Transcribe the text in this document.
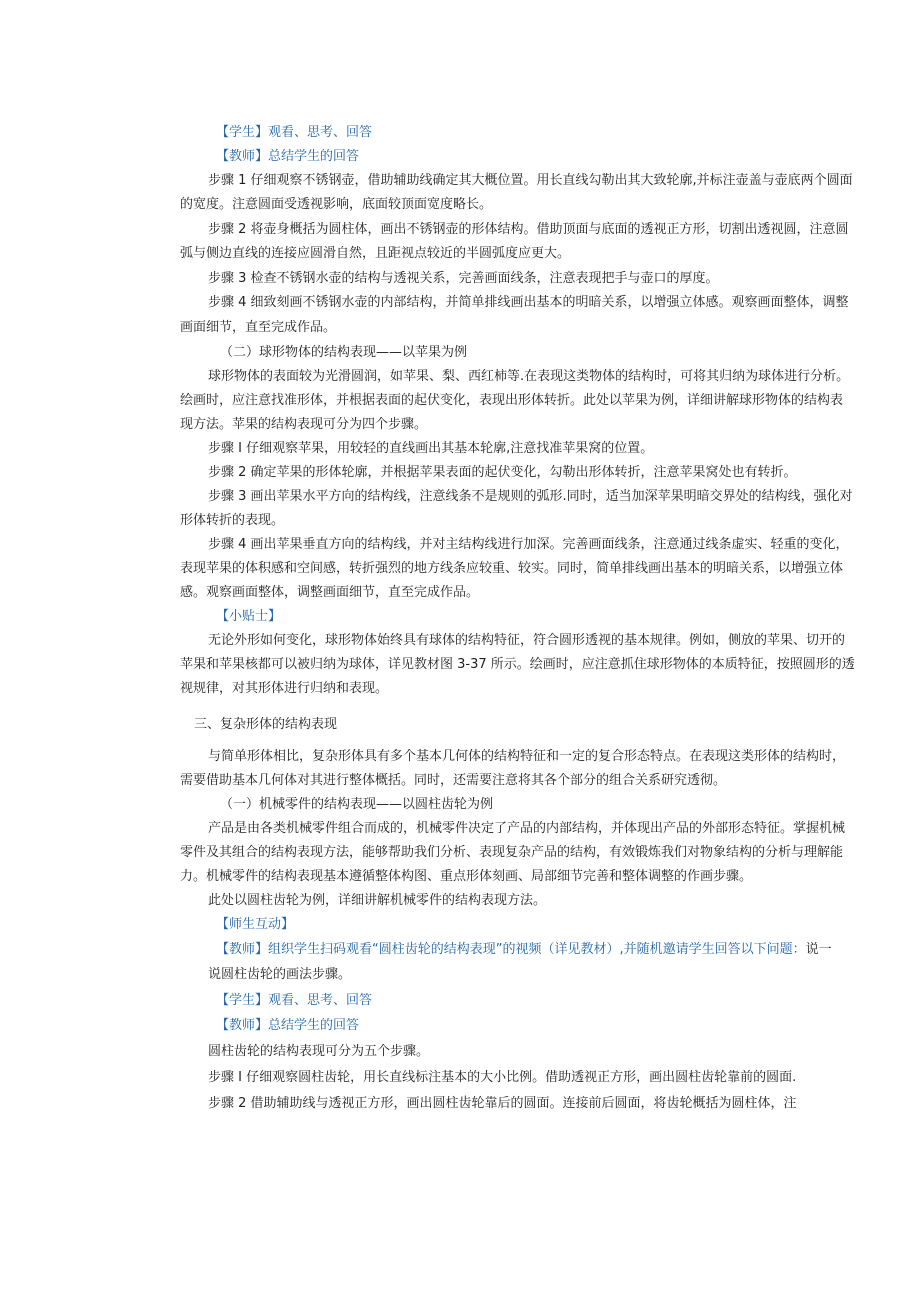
【学生】观看、思考、回答
【教师】总结学生的回答
步骤 1 仔细观察不锈钢壶，借助辅助线确定其大概位置。用长直线勾勒出其大致轮廓,并标注壶盖与壶底两个圆面
的宽度。注意圆面受透视影响，底面较顶面宽度略长。
步骤 2 将壶身概括为圆柱体，画出不锈钢壶的形体结构。借助顶面与底面的透视正方形，切割出透视圆，注意圆
弧与侧边直线的连接应圆滑自然，且距视点较近的半圆弧度应更大。
步骤 3 检查不锈钢水壶的结构与透视关系，完善画面线条，注意表现把手与壶口的厚度。
步骤 4 细致刻画不锈钢水壶的内部结构，并简单排线画出基本的明暗关系，以增强立体感。观察画面整体，调整
画面细节，直至完成作品。
（二）球形物体的结构表现——以苹果为例
球形物体的表面较为光滑圆润，如苹果、梨、西红柿等.在表现这类物体的结构时，可将其归纳为球体进行分析。
绘画时，应注意找准形体，并根据表面的起伏变化，表现出形体转折。此处以苹果为例，详细讲解球形物体的结构表
现方法。苹果的结构表现可分为四个步骤。
步骤 I 仔细观察苹果，用较轻的直线画出其基本轮廓,注意找准苹果窝的位置。
步骤 2 确定苹果的形体轮廓，并根据苹果表面的起伏变化，勾勒出形体转折，注意苹果窝处也有转折。
步骤 3 画出苹果水平方向的结构线，注意线条不是规则的弧形.同时，适当加深苹果明暗交界处的结构线，强化对
形体转折的表现。
步骤 4 画出苹果垂直方向的结构线，并对主结构线进行加深。完善画面线条，注意通过线条虚实、轻重的变化，
表现苹果的体积感和空间感，转折强烈的地方线条应较重、较实。同时，简单排线画出基本的明暗关系，以增强立体
感。观察画面整体，调整画面细节，直至完成作品。
【小贴士】
无论外形如何变化，球形物体始终具有球体的结构特征，符合圆形透视的基本规律。例如，侧放的苹果、切开的
苹果和苹果核都可以被归纳为球体，详见教材图 3-37 所示。绘画时，应注意抓住球形物体的本质特征，按照圆形的透
视规律，对其形体进行归纳和表现。
三、复杂形体的结构表现
与简单形体相比，复杂形体具有多个基本几何体的结构特征和一定的复合形态特点。在表现这类形体的结构时，
需要借助基本几何体对其进行整体概括。同时，还需要注意将其各个部分的组合关系研究透彻。
（一）机械零件的结构表现——以圆柱齿轮为例
产品是由各类机械零件组合而成的，机械零件决定了产品的内部结构，并体现出产品的外部形态特征。掌握机械
零件及其组合的结构表现方法，能够帮助我们分析、表现复杂产品的结构，有效锻炼我们对物象结构的分析与理解能
力。机械零件的结构表现基本遵循整体构图、重点形体刻画、局部细节完善和整体调整的作画步骤。
此处以圆柱齿轮为例，详细讲解机械零件的结构表现方法。
【师生互动】
【教师】组织学生扫码观看“圆柱齿轮的结构表现”的视频（详见教材）,并随机邀请学生回答以下问题：说一
说圆柱齿轮的画法步骤。
【学生】观看、思考、回答
【教师】总结学生的回答
圆柱齿轮的结构表现可分为五个步骤。
步骤 I 仔细观察圆柱齿轮，用长直线标注基本的大小比例。借助透视正方形，画出圆柱齿轮靠前的圆面.
步骤 2 借助辅助线与透视正方形，画出圆柱齿轮靠后的圆面。连接前后圆面，将齿轮概括为圆柱体，注
